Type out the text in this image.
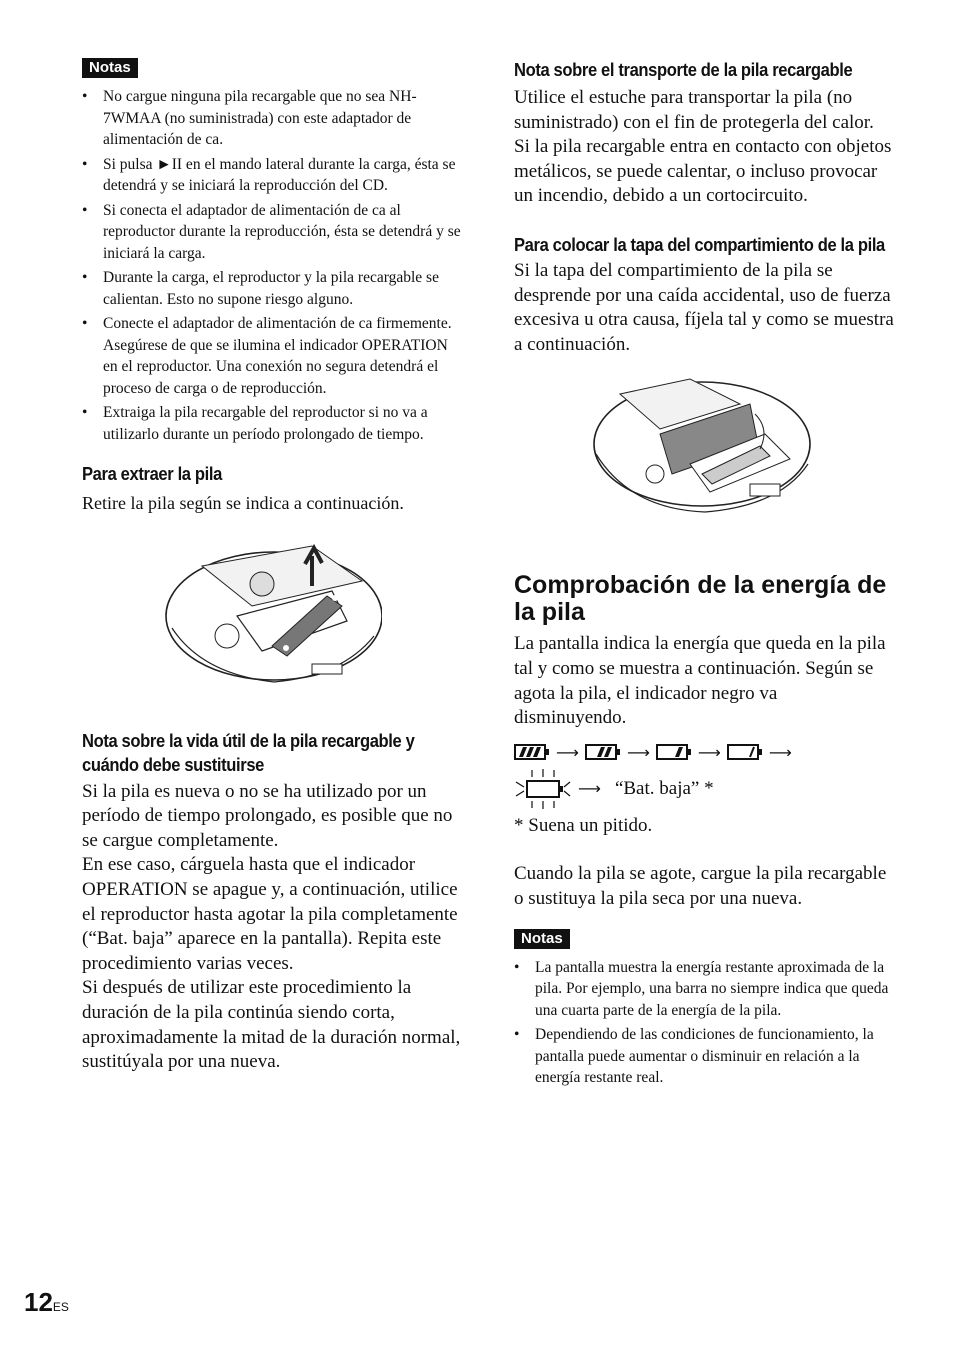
Notas
• No cargue ninguna pila recargable que no sea NH-7WMAA (no suministrada) con este adaptador de alimentación de ca.
• Si pulsa ►II en el mando lateral durante la carga, ésta se detendrá y se iniciará la reproducción del CD.
• Si conecta el adaptador de alimentación de ca al reproductor durante la reproducción, ésta se detendrá y se iniciará la carga.
• Durante la carga, el reproductor y la pila recargable se calientan. Esto no supone riesgo alguno.
• Conecte el adaptador de alimentación de ca firmemente. Asegúrese de que se ilumina el indicador OPERATION en el reproductor. Una conexión no segura detendrá el proceso de carga o de reproducción.
• Extraiga la pila recargable del reproductor si no va a utilizarlo durante un período prolongado de tiempo.
Para extraer la pila

Retire la pila según se indica a continuación.

Nota sobre la vida útil de la pila recargable y cuándo debe sustituirse

Si la pila es nueva o no se ha utilizado por un período de tiempo prolongado, es posible que no se cargue completamente.

En ese caso, cárguela hasta que el indicador OPERATION se apague y, a continuación, utilice el reproductor hasta agotar la pila completamente (“Bat. baja” aparece en la pantalla). Repita este procedimiento varias veces.

Si después de utilizar este procedimiento la duración de la pila continúa siendo corta, aproximadamente la mitad de la duración normal, sustitúyala por una nueva.

Nota sobre el transporte de la pila recargable

Utilice el estuche para transportar la pila (no suministrado) con el fin de protegerla del calor. Si la pila recargable entra en contacto con objetos metálicos, se puede calentar, o incluso provocar un incendio, debido a un cortocircuito.

Para colocar la tapa del compartimiento de la pila

Si la tapa del compartimiento de la pila se desprende por una caída accidental, uso de fuerza excesiva u otra causa, fíjela tal y como se muestra a continuación.

Comprobación de la energía de la pila

La pantalla indica la energía que queda en la pila tal y como se muestra a continuación. Según se agota la pila, el indicador negro va disminuyendo.

⟶	⟶	⟶	⟶
⟶ “Bat. baja” *

* Suena un pitido.

Cuando la pila se agote, cargue la pila recargable o sustituya la pila seca por una nueva.

Notas
• La pantalla muestra la energía restante aproximada de la pila. Por ejemplo, una barra no siempre indica que queda una cuarta parte de la energía de la pila.
• Dependiendo de las condiciones de funcionamiento, la pantalla puede aumentar o disminuir en relación a la energía restante real.
12ES
